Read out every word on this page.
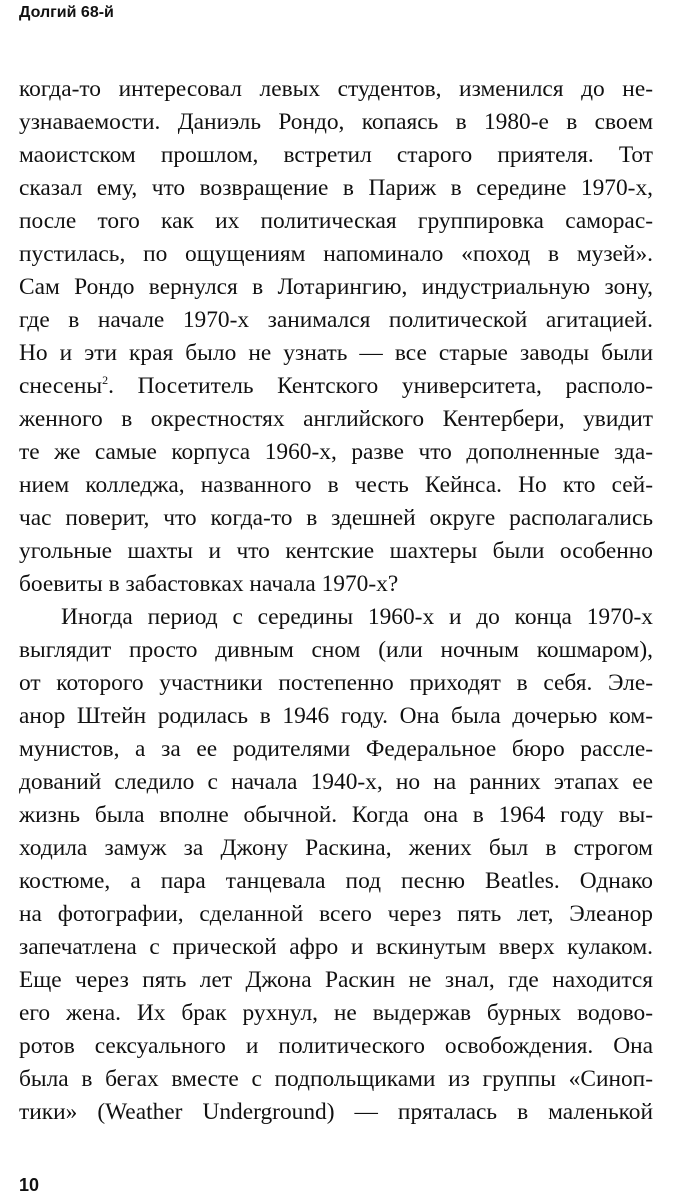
Долгий 68-й
когда-то интересовал левых студентов, изменился до не-
узнаваемости. Даниэль Рондо, копаясь в 1980-е в своем
маоистском прошлом, встретил старого приятеля. Тот
сказал ему, что возвращение в Париж в середине 1970-х,
после того как их политическая группировка саморас-
пустилась, по ощущениям напоминало «поход в музей».
Сам Рондо вернулся в Лотарингию, индустриальную зону,
где в начале 1970-х занимался политической агитацией.
Но и эти края было не узнать — все старые заводы были
снесены$^2$. Посетитель Кентского университета, располо-
женного в окрестностях английского Кентербери, увидит
те же самые корпуса 1960-х, разве что дополненные зда-
нием колледжа, названного в честь Кейнса. Но кто сей-
час поверит, что когда-то в здешней округе располагались
угольные шахты и что кентские шахтеры были особенно
боевиты в забастовках начала 1970-х?
Иногда период с середины 1960-х и до конца 1970-х
выглядит просто дивным сном (или ночным кошмаром),
от которого участники постепенно приходят в себя. Эле-
анор Штейн родилась в 1946 году. Она была дочерью ком-
мунистов, а за ее родителями Федеральное бюро рассле-
дований следило с начала 1940-х, но на ранних этапах ее
жизнь была вполне обычной. Когда она в 1964 году вы-
ходила замуж за Джону Раскина, жених был в строгом
костюме, а пара танцевала под песню Beatles. Однако
на фотографии, сделанной всего через пять лет, Элеанор
запечатлена с прической афро и вскинутым вверх кулаком.
Еще через пять лет Джона Раскин не знал, где находится
его жена. Их брак рухнул, не выдержав бурных водово-
ротов сексуального и политического освобождения. Она
была в бегах вместе с подпольщиками из группы «Синоп-
тики» (Weather Underground) — пряталась в маленькой
10
